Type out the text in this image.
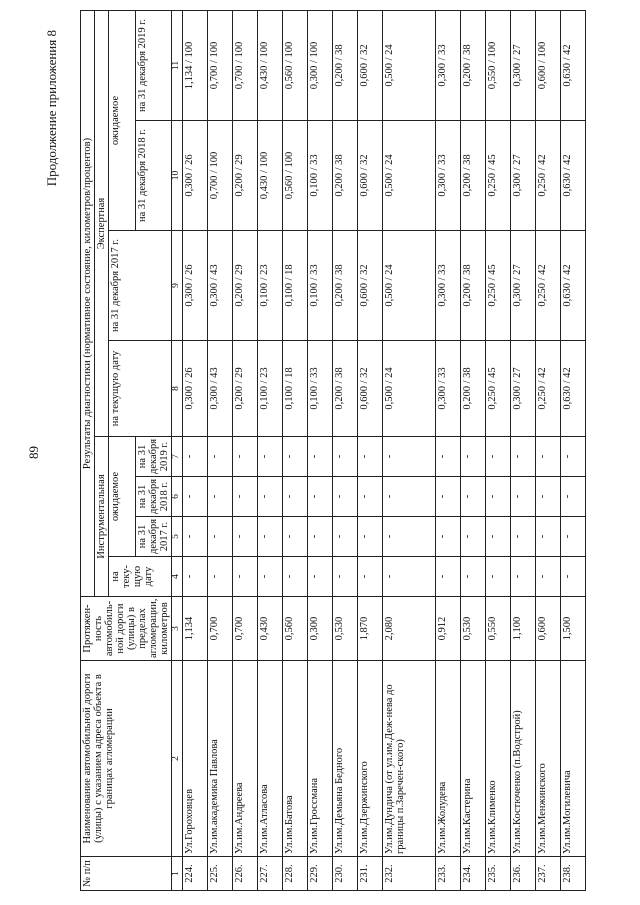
89
Продолжение приложения 8
№ п/п	Наименование автомобильной дороги (улицы) с указанием адреса объекта в границах агломерации	Протяжен-ность автомобиль-ной дороги (улицы) в пределах агломерации, километров	Результаты диагностики (нормативное состояние, километров/процентов)							
			Инструментальная				Экспертная			
			на теку-щую дату	ожидаемое			на текущую дату	на 31 декабря 2017 г.	ожидаемое	
				на 31 декабря 2017 г.	на 31 декабря 2018 г.	на 31 декабря 2019 г.			на 31 декабря 2018 г.	на 31 декабря 2019 г.
1	2	3	4	5	6	7	8	9	10	11
224.	Ул.Гороховцев	1,134	-	-	-	-	0,300 / 26	0,300 / 26	0,300 / 26	1,134 / 100
225.	Ул.им.академика Павлова	0,700	-	-	-	-	0,300 / 43	0,300 / 43	0,700 / 100	0,700 / 100
226.	Ул.им.Андреева	0,700	-	-	-	-	0,200 / 29	0,200 / 29	0,200 / 29	0,700 / 100
227.	Ул.им.Атласова	0,430	-	-	-	-	0,100 / 23	0,100 / 23	0,430 / 100	0,430 / 100
228.	Ул.им.Батова	0,560	-	-	-	-	0,100 / 18	0,100 / 18	0,560 / 100	0,560 / 100
229.	Ул.им.Гроссмана	0,300	-	-	-	-	0,100 / 33	0,100 / 33	0,100 / 33	0,300 / 100
230.	Ул.им.Демьяна Бедного	0,530	-	-	-	-	0,200 / 38	0,200 / 38	0,200 / 38	0,200 / 38
231.	Ул.им.Дзержинского	1,870	-	-	-	-	0,600 / 32	0,600 / 32	0,600 / 32	0,600 / 32
232.	Ул.им.Дундича (от ул.им.Деж-нева до границы п.Заречен-ского)	2,080	-	-	-	-	0,500 / 24	0,500 / 24	0,500 / 24	0,500 / 24
233.	Ул.им.Жолудева	0,912	-	-	-	-	0,300 / 33	0,300 / 33	0,300 / 33	0,300 / 33
234.	Ул.им.Кастерина	0,530	-	-	-	-	0,200 / 38	0,200 / 38	0,200 / 38	0,200 / 38
235.	Ул.им.Клименко	0,550	-	-	-	-	0,250 / 45	0,250 / 45	0,250 / 45	0,550 / 100
236.	Ул.им.Костюченко (п.Водстрой)	1,100	-	-	-	-	0,300 / 27	0,300 / 27	0,300 / 27	0,300 / 27
237.	Ул.им.Менжинского	0,600	-	-	-	-	0,250 / 42	0,250 / 42	0,250 / 42	0,600 / 100
238.	Ул.им.Могилевича	1,500	-	-	-	-	0,630 / 42	0,630 / 42	0,630 / 42	0,630 / 42
